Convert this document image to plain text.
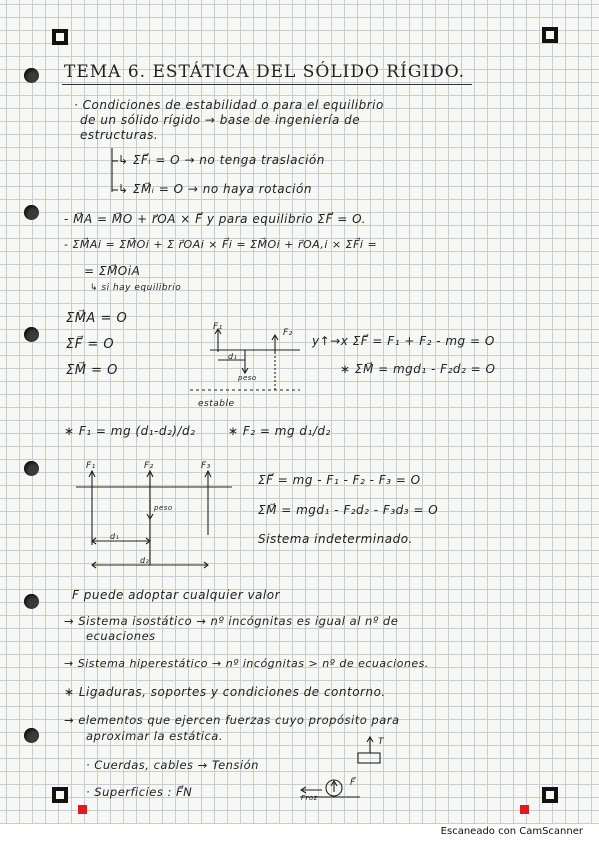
TEMA 6. ESTÁTICA DEL SÓLIDO RÍGIDO.
· Condiciones de estabilidad o para el equilibrio
de un sólido rígido → base de ingeniería de
estructuras.
↳ ΣF⃗ᵢ = O → no tenga traslación
↳ ΣM⃗ᵢ = O → no haya rotación
- M⃗A = M⃗O + r⃗OA × F⃗ y para equilibrio ΣF⃗ = O.
- ΣM⃗Ai = ΣM⃗Oi + Σ r⃗OAi × F⃗i = ΣM⃗Oi + r⃗OA,i × ΣF⃗i =
= ΣM⃗OiA
↳ si hay equilibrio
ΣM⃗A = O
ΣF⃗ = O
ΣM⃗ = O
y↑→x ΣF⃗ = F₁ + F₂ - mg = O
∗ ΣM⃗ = mgd₁ - F₂d₂ = O
∗ F₁ = mg (d₁-d₂)/d₂	∗ F₂ = mg d₁/d₂
ΣF⃗ = mg - F₁ - F₂ - F₃ = O
ΣM⃗ = mgd₁ - F₂d₂ - F₃d₃ = O
Sistema indeterminado.
F puede adoptar cualquier valor
→ Sistema isostático → nº incógnitas es igual al nº de
ecuaciones
→ Sistema hiperestático → nº incógnitas > nº de ecuaciones.
∗ Ligaduras, soportes y condiciones de contorno.
→ elementos que ejercen fuerzas cuyo propósito para
aproximar la estática.
· Cuerdas, cables → Tensión
· Superficies : F⃗N
F₁
F₂
d₁
peso
estable
F₁	F₂	F₃
peso
d₁
d₂
T
Froz
F⃗
Escaneado con CamScanner
